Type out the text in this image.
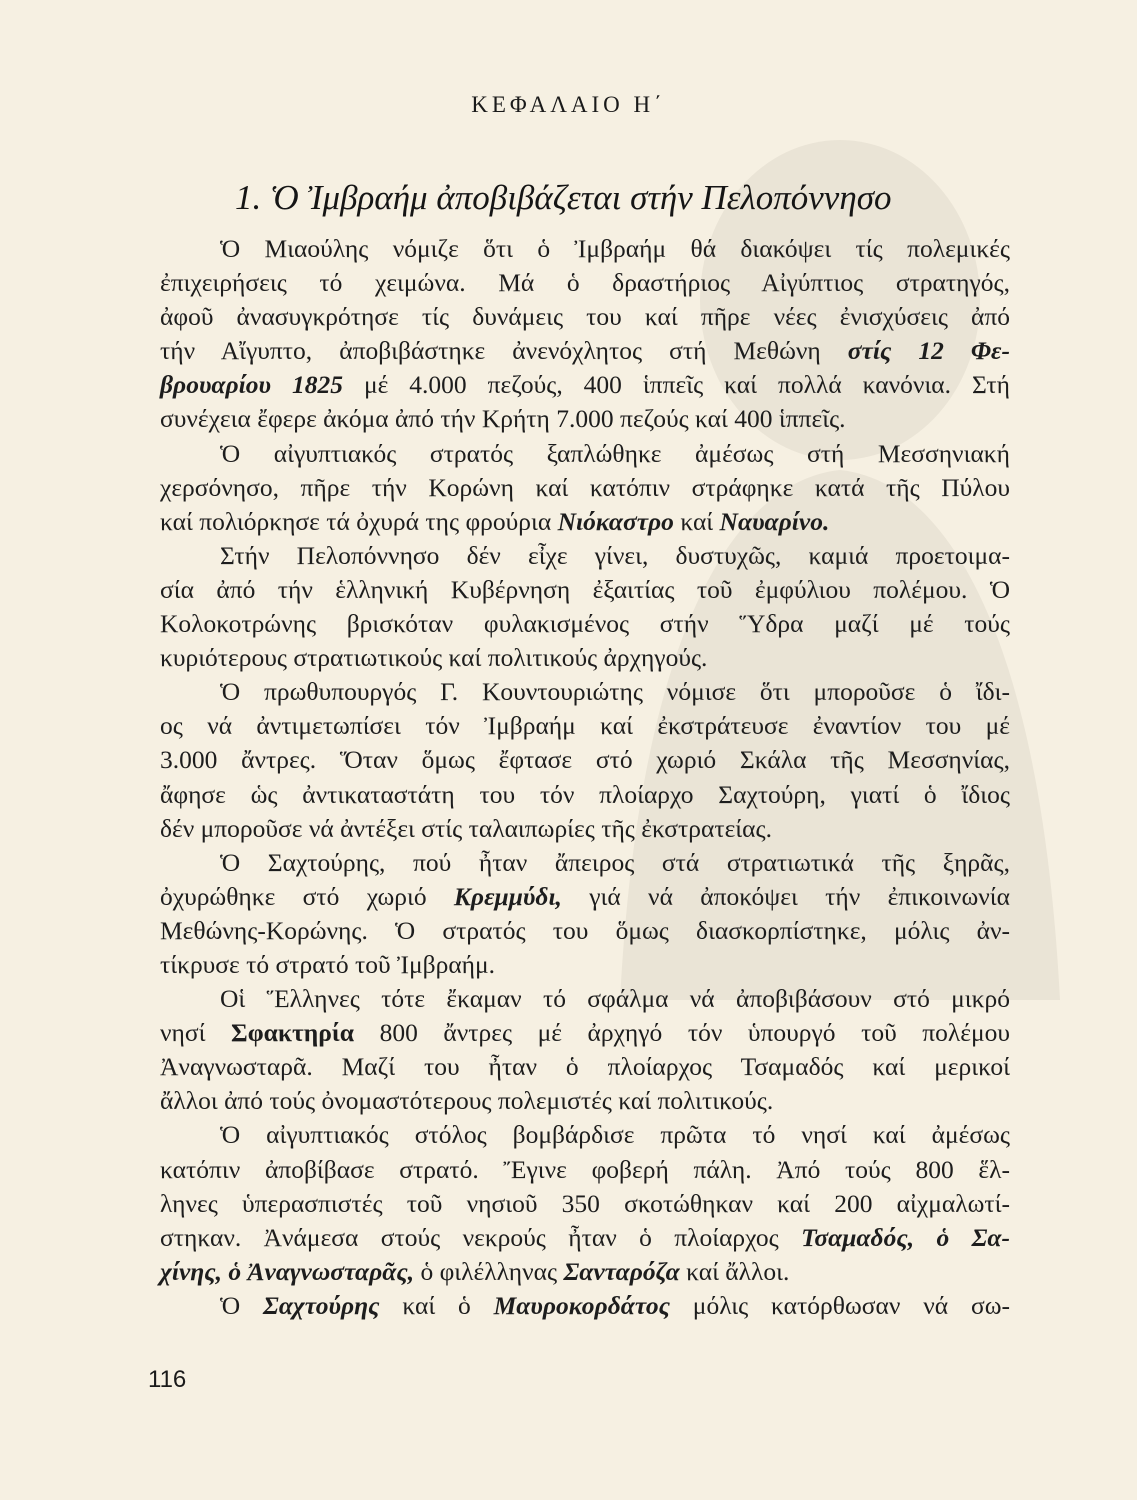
ΚΕΦΑΛΑΙΟ Η΄
1. Ὁ Ἰμβραήμ ἀποβιβάζεται στήν Πελοπόννησο
Ὁ Μιαούλης νόμιζε ὅτι ὁ Ἰμβραήμ θά διακόψει τίς πολεμικές
ἐπιχειρήσεις τό χειμώνα. Μά ὁ δραστήριος Αἰγύπτιος στρατηγός,
ἀφοῦ ἀνασυγκρότησε τίς δυνάμεις του καί πῆρε νέες ἐνισχύσεις ἀπό
τήν Αἴγυπτο, ἀποβιβάστηκε ἀνενόχλητος στή Μεθώνη στίς 12 Φε-
βρουαρίου 1825 μέ 4.000 πεζούς, 400 ἱππεῖς καί πολλά κανόνια. Στή
συνέχεια ἔφερε ἀκόμα ἀπό τήν Κρήτη 7.000 πεζούς καί 400 ἱππεῖς.
Ὁ αἰγυπτιακός στρατός ξαπλώθηκε ἀμέσως στή Μεσσηνιακή
χερσόνησο, πῆρε τήν Κορώνη καί κατόπιν στράφηκε κατά τῆς Πύλου
καί πολιόρκησε τά ὀχυρά της φρούρια Νιόκαστρο καί Ναυαρίνο.
Στήν Πελοπόννησο δέν εἶχε γίνει, δυστυχῶς, καμιά προετοιμα-
σία ἀπό τήν ἑλληνική Κυβέρνηση ἐξαιτίας τοῦ ἐμφύλιου πολέμου. Ὁ
Κολοκοτρώνης βρισκόταν φυλακισμένος στήν Ὕδρα μαζί μέ τούς
κυριότερους στρατιωτικούς καί πολιτικούς ἀρχηγούς.
Ὁ πρωθυπουργός Γ. Κουντουριώτης νόμισε ὅτι μποροῦσε ὁ ἴδι-
ος νά ἀντιμετωπίσει τόν Ἰμβραήμ καί ἐκστράτευσε ἐναντίον του μέ
3.000 ἄντρες. Ὅταν ὅμως ἔφτασε στό χωριό Σκάλα τῆς Μεσσηνίας,
ἄφησε ὡς ἀντικαταστάτη του τόν πλοίαρχο Σαχτούρη, γιατί ὁ ἴδιος
δέν μποροῦσε νά ἀντέξει στίς ταλαιπωρίες τῆς ἐκστρατείας.
Ὁ Σαχτούρης, πού ἦταν ἄπειρος στά στρατιωτικά τῆς ξηρᾶς,
ὀχυρώθηκε στό χωριό Κρεμμύδι, γιά νά ἀποκόψει τήν ἐπικοινωνία
Μεθώνης-Κορώνης. Ὁ στρατός του ὅμως διασκορπίστηκε, μόλις ἀν-
τίκρυσε τό στρατό τοῦ Ἰμβραήμ.
Οἱ Ἕλληνες τότε ἔκαμαν τό σφάλμα νά ἀποβιβάσουν στό μικρό
νησί Σφακτηρία 800 ἄντρες μέ ἀρχηγό τόν ὑπουργό τοῦ πολέμου
Ἀναγνωσταρᾶ. Μαζί του ἦταν ὁ πλοίαρχος Τσαμαδός καί μερικοί
ἄλλοι ἀπό τούς ὀνομαστότερους πολεμιστές καί πολιτικούς.
Ὁ αἰγυπτιακός στόλος βομβάρδισε πρῶτα τό νησί καί ἀμέσως
κατόπιν ἀποβίβασε στρατό. Ἔγινε φοβερή πάλη. Ἀπό τούς 800 ἕλ-
ληνες ὑπερασπιστές τοῦ νησιοῦ 350 σκοτώθηκαν καί 200 αἰχμαλωτί-
στηκαν. Ἀνάμεσα στούς νεκρούς ἦταν ὁ πλοίαρχος Τσαμαδός, ὁ Σα-
χίνης, ὁ Ἀναγνωσταρᾶς, ὁ φιλέλληνας Σανταρόζα καί ἄλλοι.
Ὁ Σαχτούρης καί ὁ Μαυροκορδάτος μόλις κατόρθωσαν νά σω-
116
